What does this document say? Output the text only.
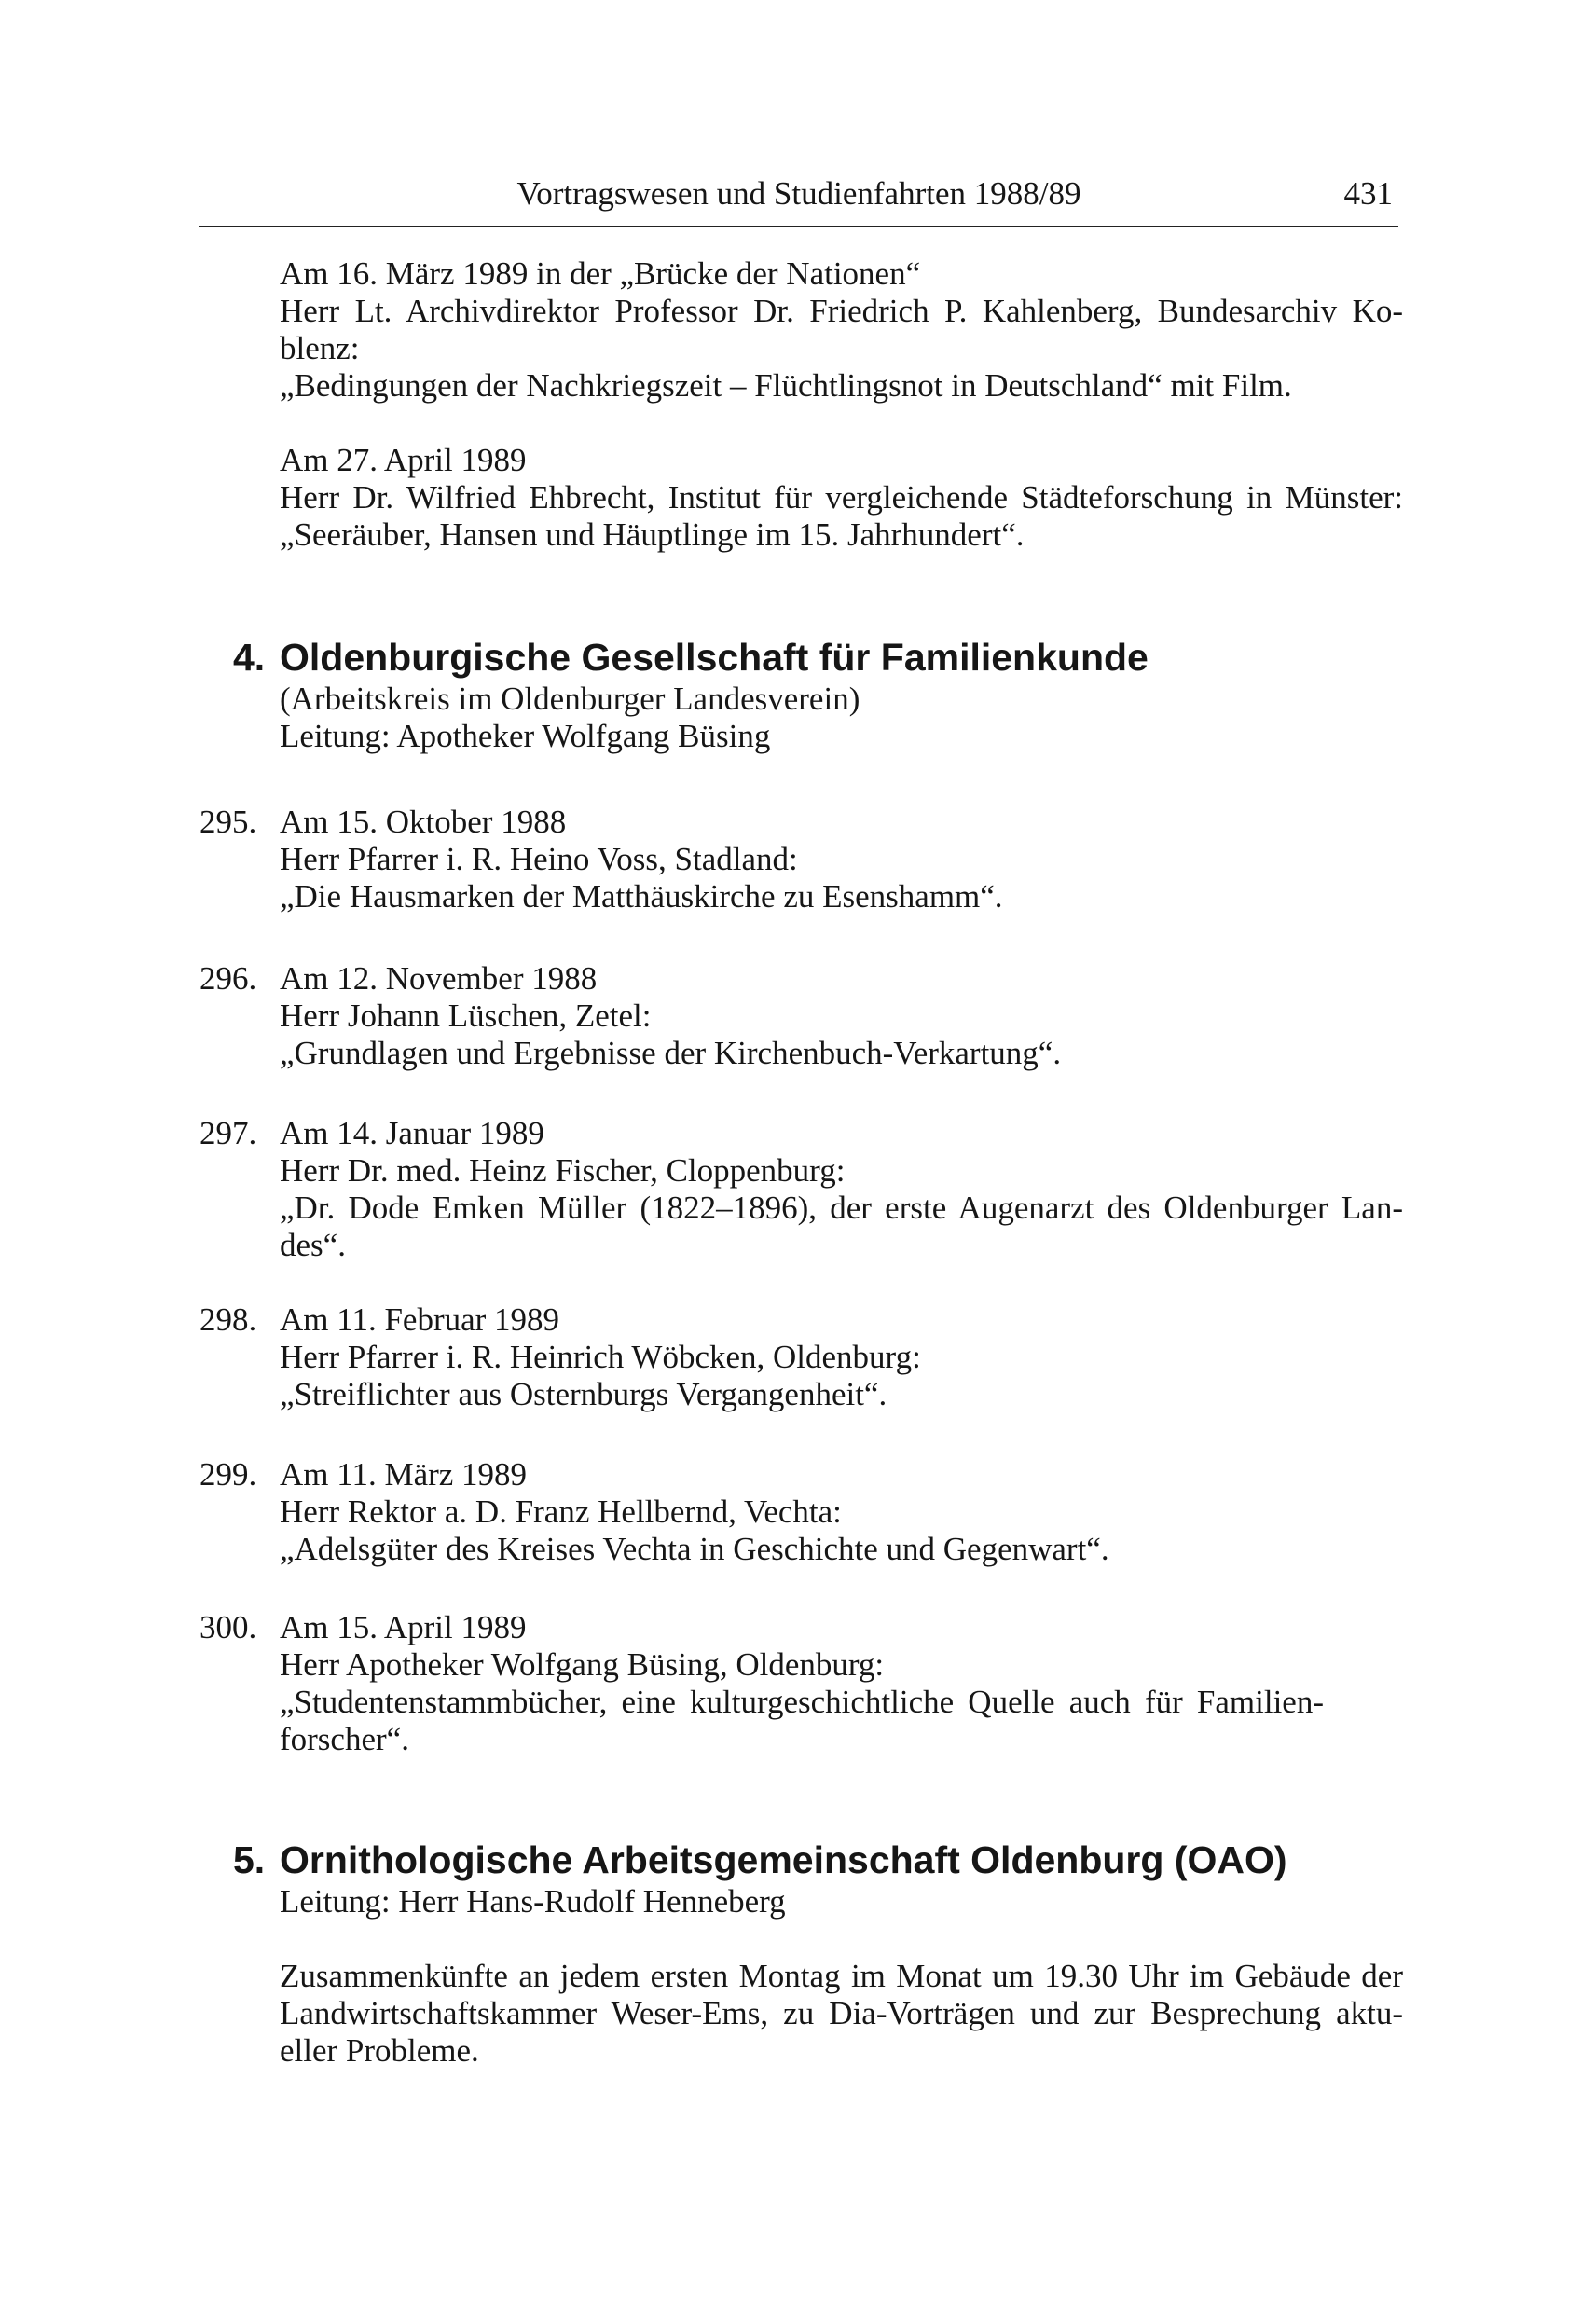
Vortragswesen und Studienfahrten 1988/89	431
Am 16. März 1989 in der „Brücke der Nationen“
Herr Lt. Archivdirektor Professor Dr. Friedrich P. Kahlenberg, Bundesarchiv Ko-
blenz:
„Bedingungen der Nachkriegszeit – Flüchtlingsnot in Deutschland“ mit Film.
Am 27. April 1989
Herr Dr. Wilfried Ehbrecht, Institut für vergleichende Städteforschung in Münster:
„Seeräuber, Hansen und Häuptlinge im 15. Jahrhundert“.
4. Oldenburgische Gesellschaft für Familienkunde
(Arbeitskreis im Oldenburger Landesverein)
Leitung: Apotheker Wolfgang Büsing
295. Am 15. Oktober 1988
Herr Pfarrer i. R. Heino Voss, Stadland:
„Die Hausmarken der Matthäuskirche zu Esenshamm“.
296. Am 12. November 1988
Herr Johann Lüschen, Zetel:
„Grundlagen und Ergebnisse der Kirchenbuch-Verkartung“.
297. Am 14. Januar 1989
Herr Dr. med. Heinz Fischer, Cloppenburg:
„Dr. Dode Emken Müller (1822–1896), der erste Augenarzt des Oldenburger Lan-
des“.
298. Am 11. Februar 1989
Herr Pfarrer i. R. Heinrich Wöbcken, Oldenburg:
„Streiflichter aus Osternburgs Vergangenheit“.
299. Am 11. März 1989
Herr Rektor a. D. Franz Hellbernd, Vechta:
„Adelsgüter des Kreises Vechta in Geschichte und Gegenwart“.
300. Am 15. April 1989
Herr Apotheker Wolfgang Büsing, Oldenburg:
„Studentenstammbücher, eine kulturgeschichtliche Quelle auch für Familien-
forscher“.
5. Ornithologische Arbeitsgemeinschaft Oldenburg (OAO)
Leitung: Herr Hans-Rudolf Henneberg
Zusammenkünfte an jedem ersten Montag im Monat um 19.30 Uhr im Gebäude der
Landwirtschaftskammer Weser-Ems, zu Dia-Vorträgen und zur Besprechung aktu-
eller Probleme.
